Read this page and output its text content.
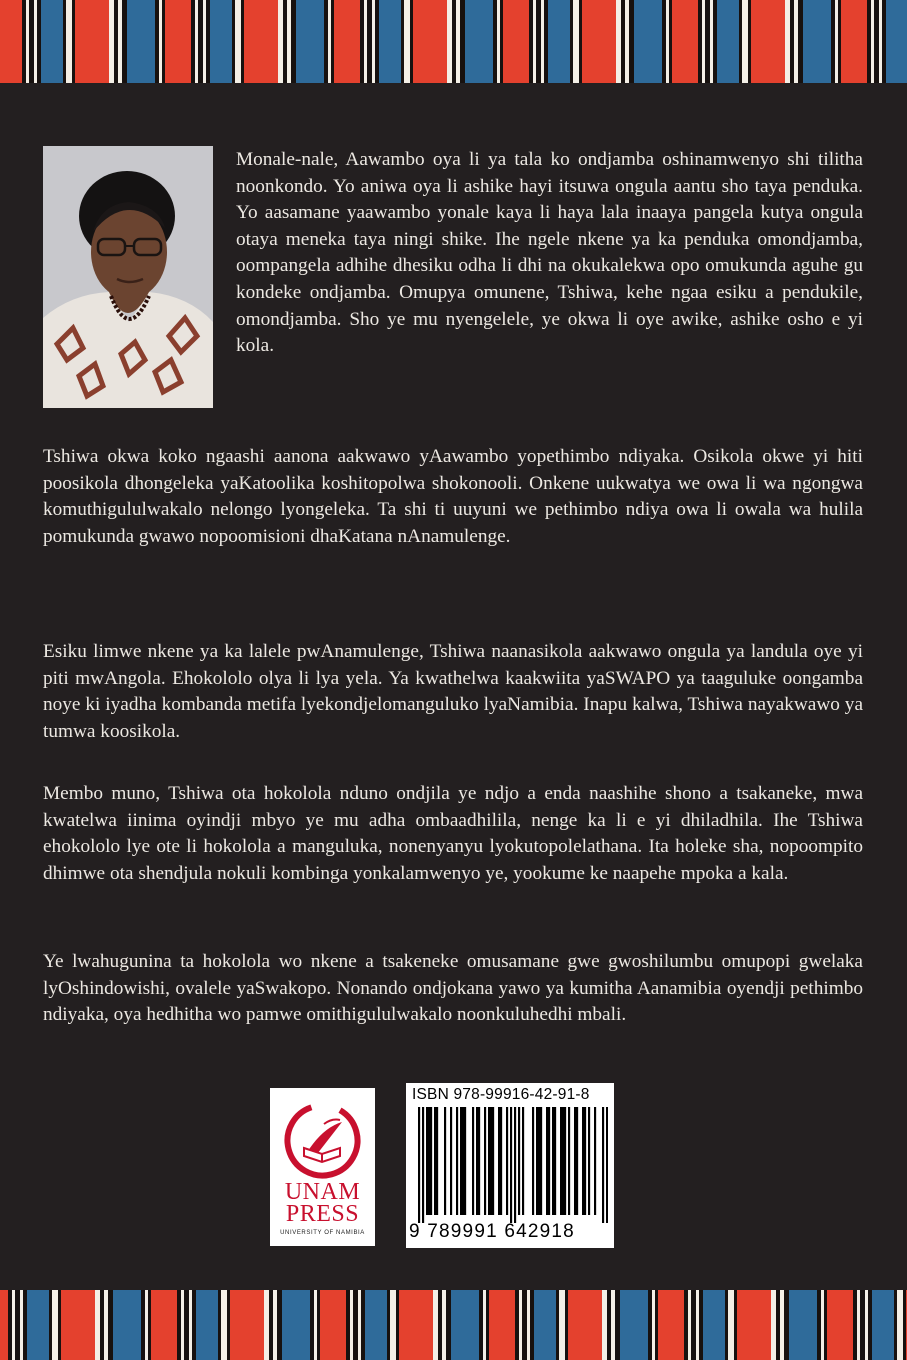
Monale-nale, Aawambo oya li ya tala ko ondjamba oshinamwenyo shi tilitha noonkondo. Yo aniwa oya li ashike hayi itsuwa ongula aantu sho taya penduka. Yo aasamane yaawambo yonale kaya li haya lala inaaya pangela kutya ongula otaya meneka taya ningi shike. Ihe ngele nkene ya ka penduka omondjamba, oompangela adhihe dhesiku odha li dhi na okukalekwa opo omukunda aguhe gu kondeke ondjamba. Omupya omunene, Tshiwa, kehe ngaa esiku a pendukile, omondjamba. Sho ye mu nyengelele, ye okwa li oye awike, ashike osho e yi kola.

Tshiwa okwa koko ngaashi aanona aakwawo yAawambo yopethimbo ndiyaka. Osikola okwe yi hiti poosikola dhongeleka yaKatoolika koshitopolwa shokonooli. Onkene uukwatya we owa li wa ngongwa komuthigululwakalo nelongo lyongeleka. Ta shi ti uuyuni we pethimbo ndiya owa li owala wa hulila pomukunda gwawo nopoomisioni dhaKatana nAnamulenge.

Esiku limwe nkene ya ka lalele pwAnamulenge, Tshiwa naanasikola aakwawo ongula ya landula oye yi piti mwAngola. Ehokololo olya li lya yela. Ya kwathelwa kaakwiita yaSWAPO ya taaguluke oongamba noye ki iyadha kombanda metifa lyekondjelomanguluko lyaNamibia. Inapu kalwa, Tshiwa nayakwawo ya tumwa koosikola.

Membo muno, Tshiwa ota hokolola nduno ondjila ye ndjo a enda naashihe shono a tsakaneke, mwa kwatelwa iinima oyindji mbyo ye mu adha ombaadhilila, nenge ka li e yi dhiladhila. Ihe Tshiwa ehokololo lye ote li hokolola a manguluka, nonenyanyu lyokutopolelathana. Ita holeke sha, nopoompito dhimwe ota shendjula nokuli kombinga yonkalamwenyo ye, yookume ke naapehe mpoka a kala.

Ye lwahugunina ta hokolola wo nkene a tsakeneke omusamane gwe gwoshilumbu omupopi gwelaka lyOshindowishi, ovalele yaSwakopo. Nonando ondjokana yawo ya kumitha Aanamibia oyendji pethimbo ndiyaka, oya hedhitha wo pamwe omithigululwakalo noonkuluhedhi mbali.

UNAM
PRESS
UNIVERSITY OF NAMIBIA
ISBN 978-99916-42-91-8
9 789991 642918
